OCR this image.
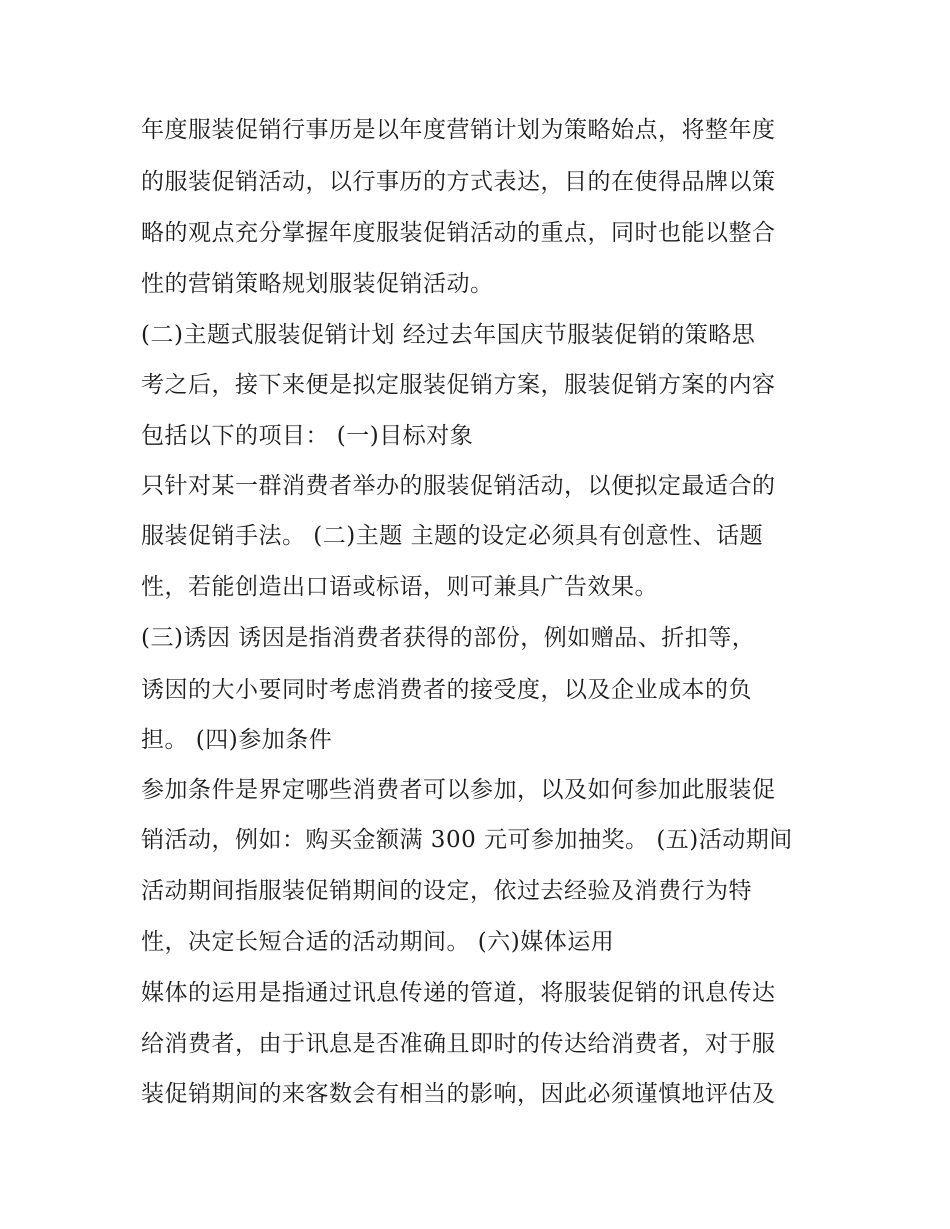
年度服装促销行事历是以年度营销计划为策略始点，将整年度
的服装促销活动，以行事历的方式表达，目的在使得品牌以策
略的观点充分掌握年度服装促销活动的重点，同时也能以整合
性的营销策略规划服装促销活动。
(二)主题式服装促销计划 经过去年国庆节服装促销的策略思
考之后，接下来便是拟定服装促销方案，服装促销方案的内容
包括以下的项目： (一)目标对象
只针对某一群消费者举办的服装促销活动，以便拟定最适合的
服装促销手法。 (二)主题 主题的设定必须具有创意性、话题
性，若能创造出口语或标语，则可兼具广告效果。
(三)诱因 诱因是指消费者获得的部份，例如赠品、折扣等，
诱因的大小要同时考虑消费者的接受度，以及企业成本的负
担。 (四)参加条件
参加条件是界定哪些消费者可以参加，以及如何参加此服装促
销活动，例如：购买金额满 300 元可参加抽奖。 (五)活动期间
活动期间指服装促销期间的设定，依过去经验及消费行为特
性，决定长短合适的活动期间。 (六)媒体运用
媒体的运用是指通过讯息传递的管道，将服装促销的讯息传达
给消费者，由于讯息是否准确且即时的传达给消费者，对于服
装促销期间的来客数会有相当的影响，因此必须谨慎地评估及
